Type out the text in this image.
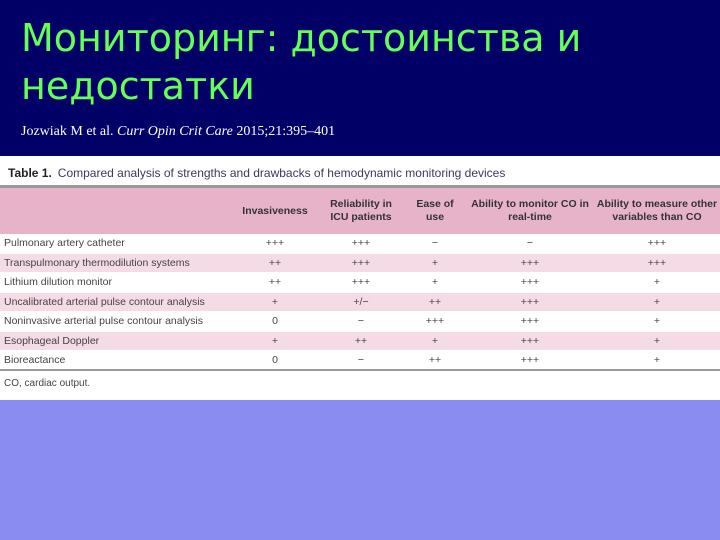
Мониторинг: достоинства и недостатки
Jozwiak M et al. Curr Opin Crit Care 2015;21:395–401
Table 1. Compared analysis of strengths and drawbacks of hemodynamic monitoring devices
	Invasiveness	Reliability in ICU patients	Ease of use	Ability to monitor CO in real-time	Ability to measure other variables than CO
Pulmonary artery catheter	+++	+++	−	−	+++
Transpulmonary thermodilution systems	++	+++	+	+++	+++
Lithium dilution monitor	++	+++	+	+++	+
Uncalibrated arterial pulse contour analysis	+	+/−	++	+++	+
Noninvasive arterial pulse contour analysis	0	−	+++	+++	+
Esophageal Doppler	+	++	+	+++	+
Bioreactance	0	−	++	+++	+
CO, cardiac output.
